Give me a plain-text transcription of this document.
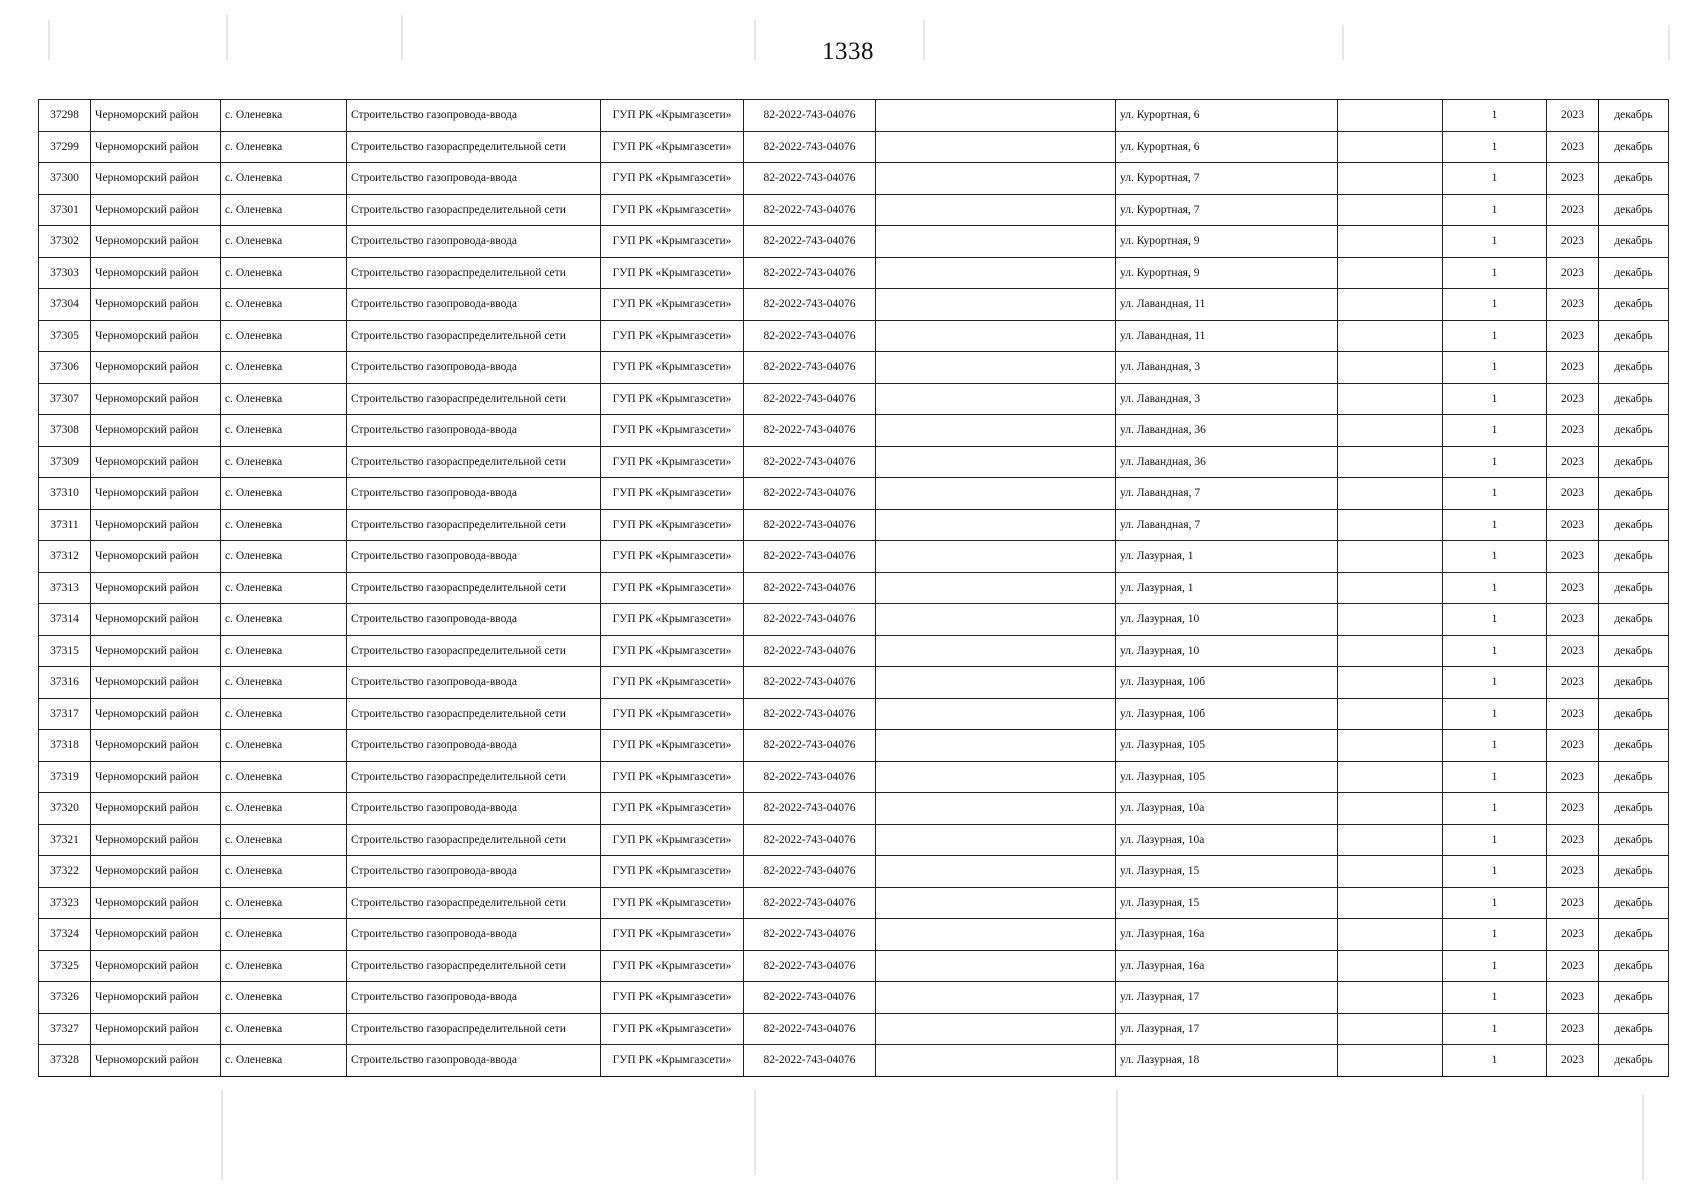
1338
37298	Черноморский район	с. Оленевка	Строительство газопровода-ввода	ГУП РК «Крымгазсети»	82-2022-743-04076		ул. Курортная, 6		1	2023	декабрь
37299	Черноморский район	с. Оленевка	Строительство газораспределительной сети	ГУП РК «Крымгазсети»	82-2022-743-04076		ул. Курортная, 6		1	2023	декабрь
37300	Черноморский район	с. Оленевка	Строительство газопровода-ввода	ГУП РК «Крымгазсети»	82-2022-743-04076		ул. Курортная, 7		1	2023	декабрь
37301	Черноморский район	с. Оленевка	Строительство газораспределительной сети	ГУП РК «Крымгазсети»	82-2022-743-04076		ул. Курортная, 7		1	2023	декабрь
37302	Черноморский район	с. Оленевка	Строительство газопровода-ввода	ГУП РК «Крымгазсети»	82-2022-743-04076		ул. Курортная, 9		1	2023	декабрь
37303	Черноморский район	с. Оленевка	Строительство газораспределительной сети	ГУП РК «Крымгазсети»	82-2022-743-04076		ул. Курортная, 9		1	2023	декабрь
37304	Черноморский район	с. Оленевка	Строительство газопровода-ввода	ГУП РК «Крымгазсети»	82-2022-743-04076		ул. Лавандная, 11		1	2023	декабрь
37305	Черноморский район	с. Оленевка	Строительство газораспределительной сети	ГУП РК «Крымгазсети»	82-2022-743-04076		ул. Лавандная, 11		1	2023	декабрь
37306	Черноморский район	с. Оленевка	Строительство газопровода-ввода	ГУП РК «Крымгазсети»	82-2022-743-04076		ул. Лавандная, 3		1	2023	декабрь
37307	Черноморский район	с. Оленевка	Строительство газораспределительной сети	ГУП РК «Крымгазсети»	82-2022-743-04076		ул. Лавандная, 3		1	2023	декабрь
37308	Черноморский район	с. Оленевка	Строительство газопровода-ввода	ГУП РК «Крымгазсети»	82-2022-743-04076		ул. Лавандная, 36		1	2023	декабрь
37309	Черноморский район	с. Оленевка	Строительство газораспределительной сети	ГУП РК «Крымгазсети»	82-2022-743-04076		ул. Лавандная, 36		1	2023	декабрь
37310	Черноморский район	с. Оленевка	Строительство газопровода-ввода	ГУП РК «Крымгазсети»	82-2022-743-04076		ул. Лавандная, 7		1	2023	декабрь
37311	Черноморский район	с. Оленевка	Строительство газораспределительной сети	ГУП РК «Крымгазсети»	82-2022-743-04076		ул. Лавандная, 7		1	2023	декабрь
37312	Черноморский район	с. Оленевка	Строительство газопровода-ввода	ГУП РК «Крымгазсети»	82-2022-743-04076		ул. Лазурная, 1		1	2023	декабрь
37313	Черноморский район	с. Оленевка	Строительство газораспределительной сети	ГУП РК «Крымгазсети»	82-2022-743-04076		ул. Лазурная, 1		1	2023	декабрь
37314	Черноморский район	с. Оленевка	Строительство газопровода-ввода	ГУП РК «Крымгазсети»	82-2022-743-04076		ул. Лазурная, 10		1	2023	декабрь
37315	Черноморский район	с. Оленевка	Строительство газораспределительной сети	ГУП РК «Крымгазсети»	82-2022-743-04076		ул. Лазурная, 10		1	2023	декабрь
37316	Черноморский район	с. Оленевка	Строительство газопровода-ввода	ГУП РК «Крымгазсети»	82-2022-743-04076		ул. Лазурная, 10б		1	2023	декабрь
37317	Черноморский район	с. Оленевка	Строительство газораспределительной сети	ГУП РК «Крымгазсети»	82-2022-743-04076		ул. Лазурная, 10б		1	2023	декабрь
37318	Черноморский район	с. Оленевка	Строительство газопровода-ввода	ГУП РК «Крымгазсети»	82-2022-743-04076		ул. Лазурная, 105		1	2023	декабрь
37319	Черноморский район	с. Оленевка	Строительство газораспределительной сети	ГУП РК «Крымгазсети»	82-2022-743-04076		ул. Лазурная, 105		1	2023	декабрь
37320	Черноморский район	с. Оленевка	Строительство газопровода-ввода	ГУП РК «Крымгазсети»	82-2022-743-04076		ул. Лазурная, 10а		1	2023	декабрь
37321	Черноморский район	с. Оленевка	Строительство газораспределительной сети	ГУП РК «Крымгазсети»	82-2022-743-04076		ул. Лазурная, 10а		1	2023	декабрь
37322	Черноморский район	с. Оленевка	Строительство газопровода-ввода	ГУП РК «Крымгазсети»	82-2022-743-04076		ул. Лазурная, 15		1	2023	декабрь
37323	Черноморский район	с. Оленевка	Строительство газораспределительной сети	ГУП РК «Крымгазсети»	82-2022-743-04076		ул. Лазурная, 15		1	2023	декабрь
37324	Черноморский район	с. Оленевка	Строительство газопровода-ввода	ГУП РК «Крымгазсети»	82-2022-743-04076		ул. Лазурная, 16а		1	2023	декабрь
37325	Черноморский район	с. Оленевка	Строительство газораспределительной сети	ГУП РК «Крымгазсети»	82-2022-743-04076		ул. Лазурная, 16а		1	2023	декабрь
37326	Черноморский район	с. Оленевка	Строительство газопровода-ввода	ГУП РК «Крымгазсети»	82-2022-743-04076		ул. Лазурная, 17		1	2023	декабрь
37327	Черноморский район	с. Оленевка	Строительство газораспределительной сети	ГУП РК «Крымгазсети»	82-2022-743-04076		ул. Лазурная, 17		1	2023	декабрь
37328	Черноморский район	с. Оленевка	Строительство газопровода-ввода	ГУП РК «Крымгазсети»	82-2022-743-04076		ул. Лазурная, 18		1	2023	декабрь
